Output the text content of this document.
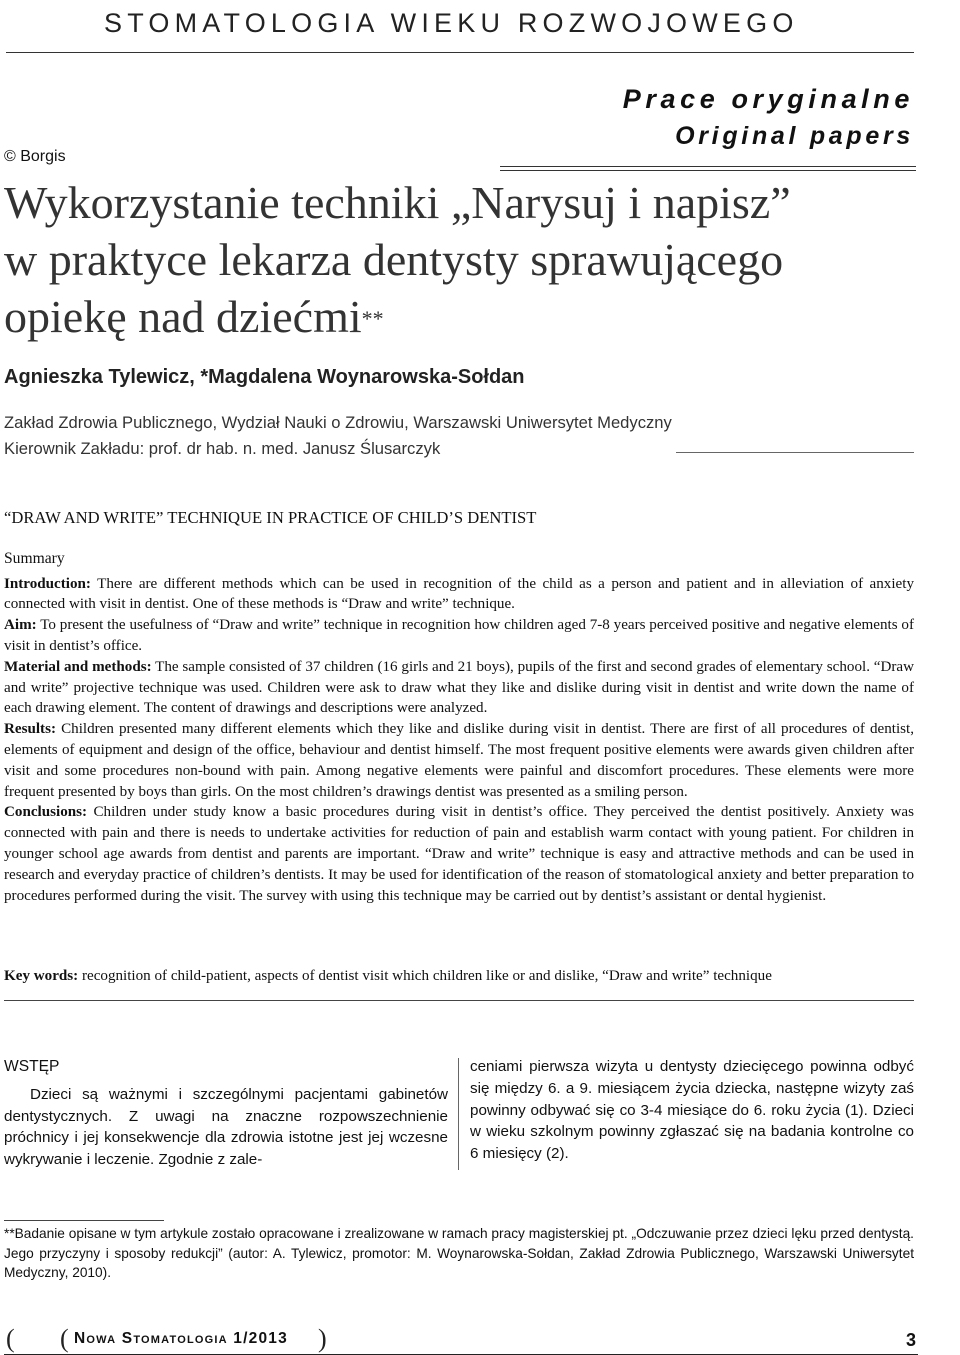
STOMATOLOGIA WIEKU ROZWOJOWEGO
Prace oryginalne
Original papers
© Borgis
Wykorzystanie techniki „Narysuj i napisz”
w praktyce lekarza dentysty sprawującego
opiekę nad dziećmi**
Agnieszka Tylewicz, *Magdalena Woynarowska-Sołdan
Zakład Zdrowia Publicznego, Wydział Nauki o Zdrowiu, Warszawski Uniwersytet Medyczny
Kierownik Zakładu: prof. dr hab. n. med. Janusz Ślusarczyk
“DRAW AND WRITE” TECHNIQUE IN PRACTICE OF CHILD’S DENTIST
Summary

Introduction: There are different methods which can be used in recognition of the child as a person and patient and in alleviation of anxiety connected with visit in dentist. One of these methods is “Draw and write” technique.

Aim: To present the usefulness of “Draw and write” technique in recognition how children aged 7-8 years perceived positive and negative elements of visit in dentist’s office.

Material and methods: The sample consisted of 37 children (16 girls and 21 boys), pupils of the first and second grades of elementary school. “Draw and write” projective technique was used. Children were ask to draw what they like and dislike during visit in dentist and write down the name of each drawing element. The content of drawings and descriptions were analyzed.

Results: Children presented many different elements which they like and dislike during visit in dentist. There are first of all procedures of dentist, elements of equipment and design of the office, behaviour and dentist himself. The most frequent positive elements were awards given children after visit and some procedures non-bound with pain. Among negative elements were painful and discomfort procedures. These elements were more frequent presented by boys than girls. On the most children’s drawings dentist was presented as a smiling person.

Conclusions: Children under study know a basic procedures during visit in dentist’s office. They perceived the dentist positively. Anxiety was connected with pain and there is needs to undertake activities for reduction of pain and establish warm contact with young patient. For children in younger school age awards from dentist and parents are important. “Draw and write” technique is easy and attractive methods and can be used in research and everyday practice of children’s dentists. It may be used for identification of the reason of stomatological anxiety and better preparation to procedures performed during the visit. The survey with using this technique may be carried out by dentist’s assistant or dental hygienist.

Key words: recognition of child-patient, aspects of dentist visit which children like or and dislike, “Draw and write” technique
WSTĘP

Dzieci są ważnymi i szczególnymi pacjentami gabinetów dentystycznych. Z uwagi na znaczne rozpowszechnienie próchnicy i jej konsekwencje dla zdrowia istotne jest jej wczesne wykrywanie i leczenie. Zgodnie z zale-

ceniami pierwsza wizyta u dentysty dziecięcego powinna odbyć się między 6. a 9. miesiącem życia dziecka, następne wizyty zaś powinny odbywać się co 3-4 miesiące do 6. roku życia (1). Dzieci w wieku szkolnym powinny zgłaszać się na badania kontrolne co 6 miesięcy (2).

**Badanie opisane w tym artykule zostało opracowane i zrealizowane w ramach pracy magisterskiej pt. „Odczuwanie przez dzieci lęku przed dentystą. Jego przyczyny i sposoby redukcji” (autor: A. Tylewicz, promotor: M. Woynarowska-Sołdan, Zakład Zdrowia Publicznego, Warszawski Uniwersytet Medyczny, 2010).

( ( Nowa Stomatologia 1/2013 )	3
